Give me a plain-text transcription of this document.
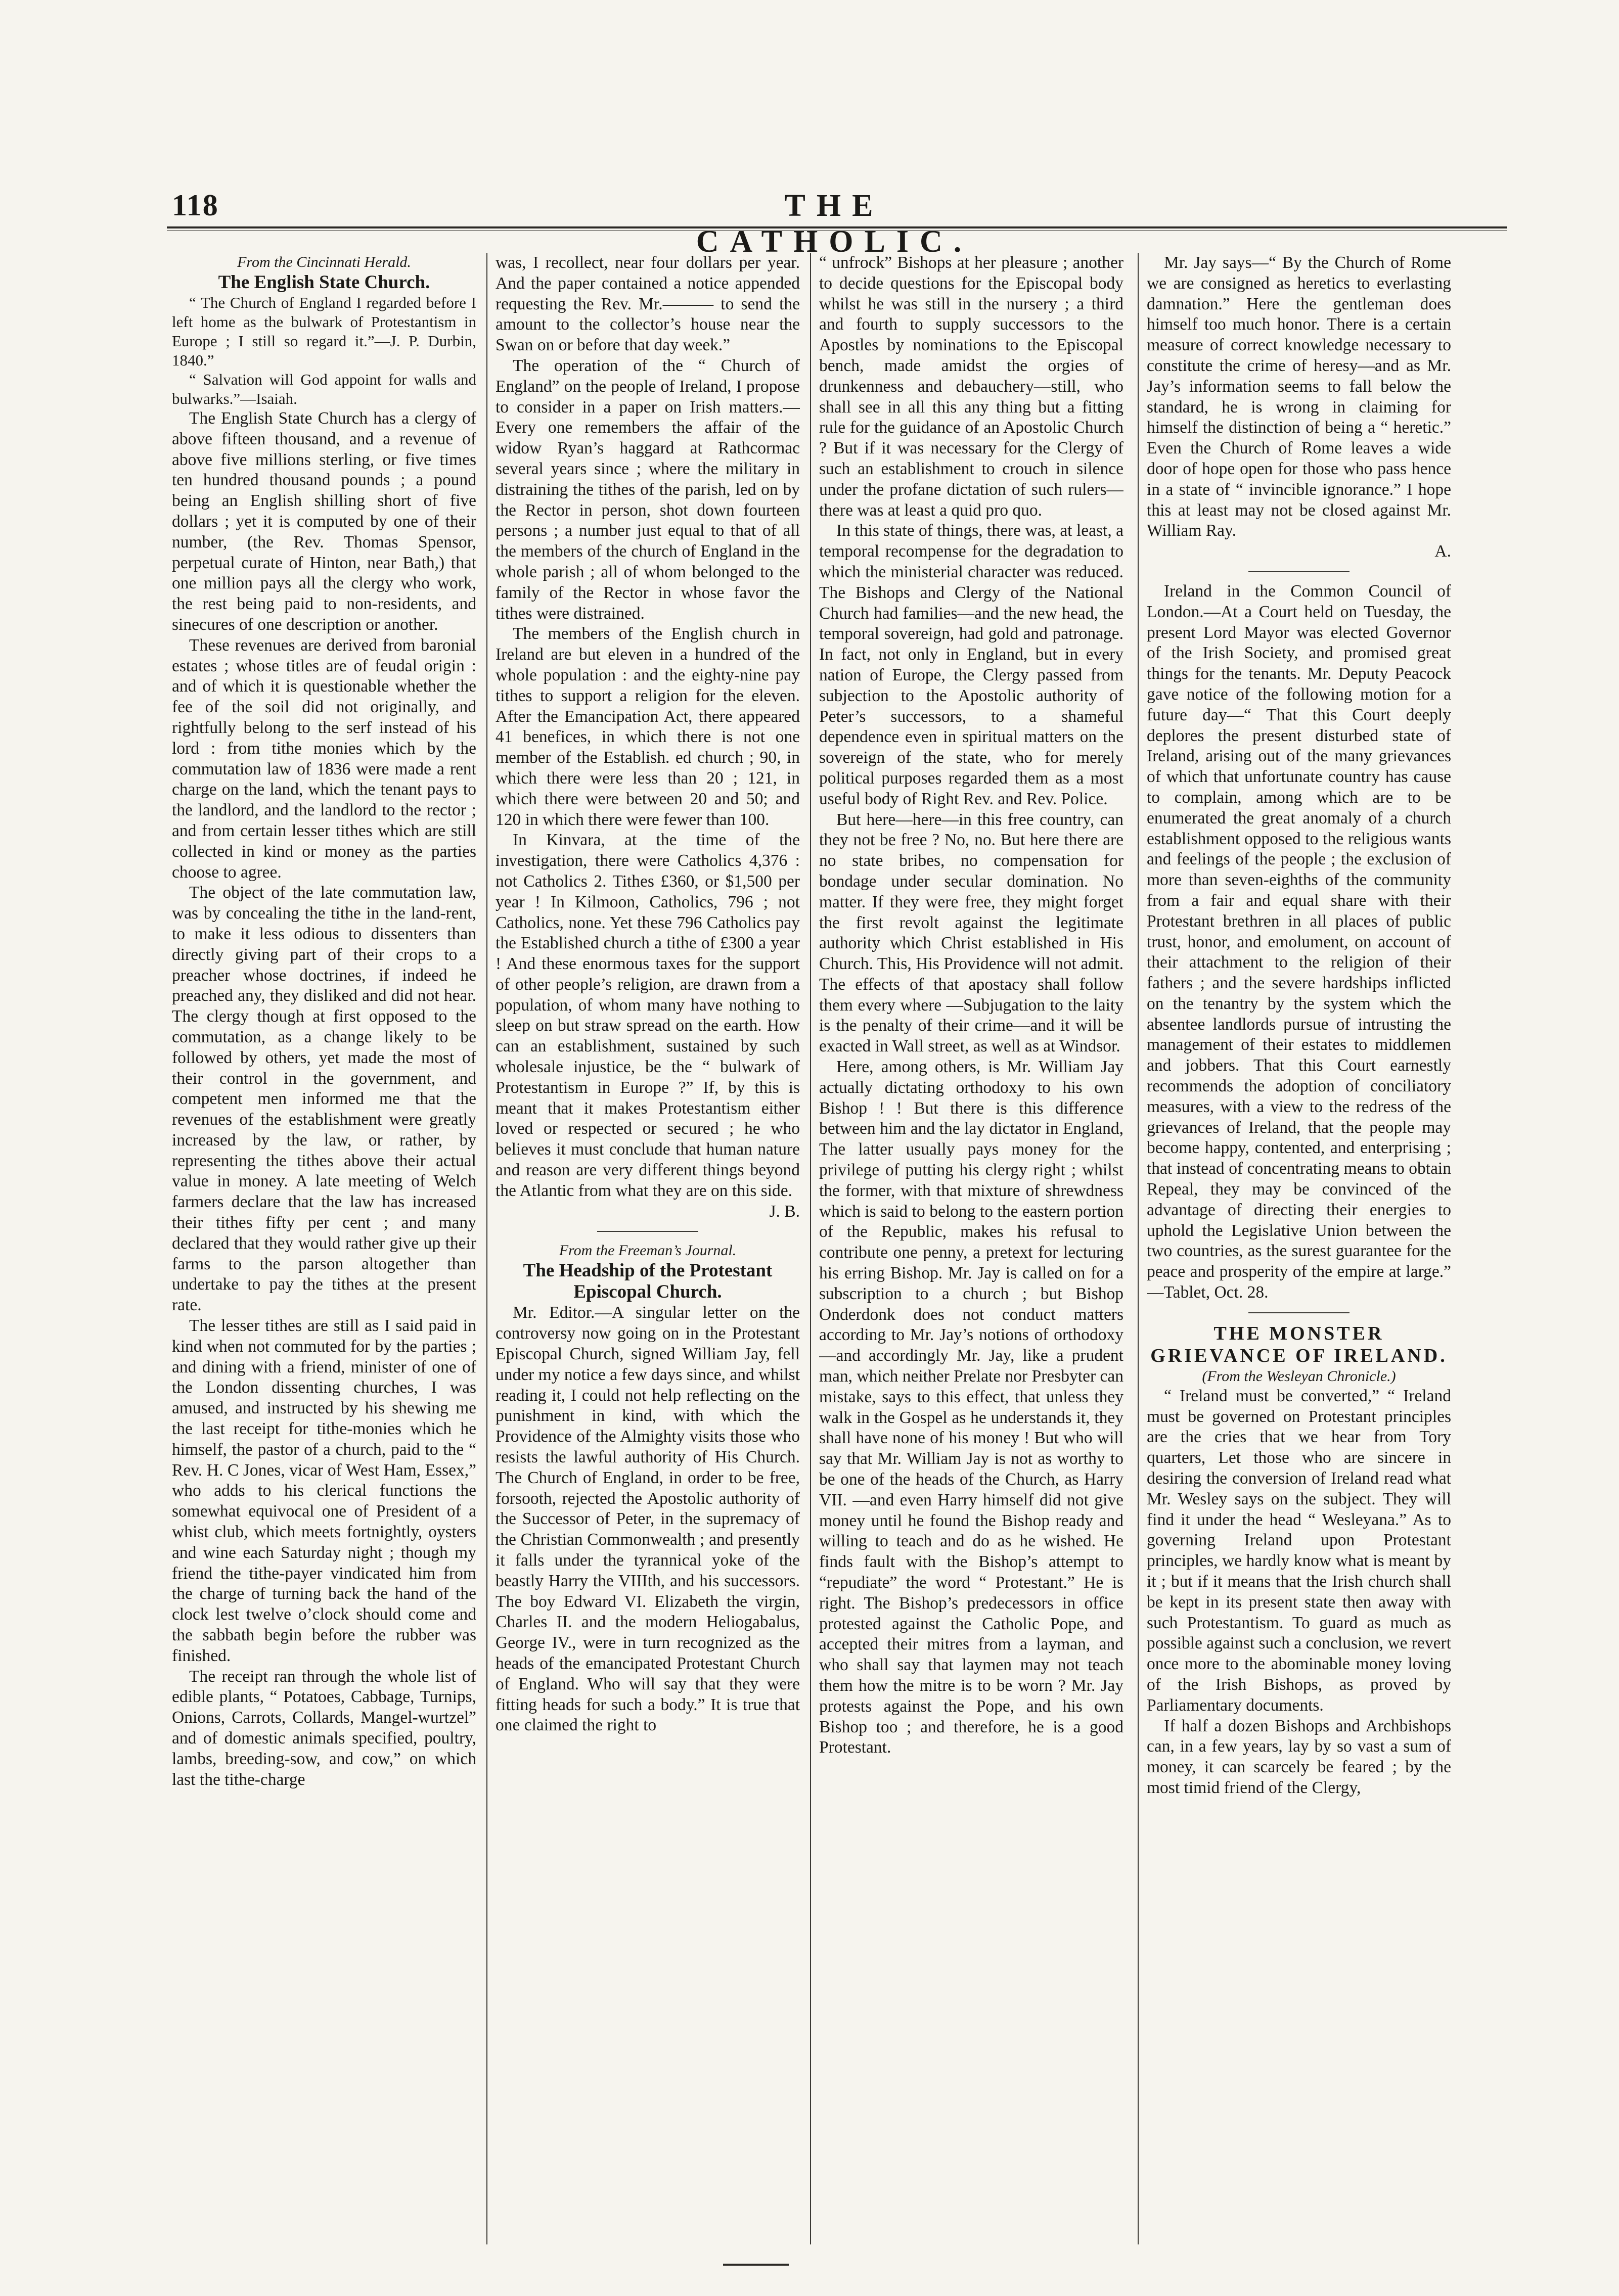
118	THE CATHOLIC.

From the Cincinnati Herald.

The English State Church.

“ The Church of England I regarded before I left home as the bulwark of Protestantism in Europe ; I still so regard it.”—J. P. Durbin, 1840.”

“ Salvation will God appoint for walls and bulwarks.”—Isaiah.

The English State Church has a clergy of above fifteen thousand, and a revenue of above five millions sterling, or five times ten hundred thousand pounds ; a pound being an English shilling short of five dollars ; yet it is computed by one of their number, (the Rev. Thomas Spensor, perpetual curate of Hinton, near Bath,) that one million pays all the clergy who work, the rest being paid to non-residents, and sinecures of one description or another.

These revenues are derived from baronial estates ; whose titles are of feudal origin : and of which it is questionable whether the fee of the soil did not originally, and rightfully belong to the serf instead of his lord : from tithe monies which by the commutation law of 1836 were made a rent charge on the land, which the tenant pays to the landlord, and the landlord to the rector ; and from certain lesser tithes which are still collected in kind or money as the parties choose to agree.

The object of the late commutation law, was by concealing the tithe in the land-rent, to make it less odious to dissenters than directly giving part of their crops to a preacher whose doctrines, if indeed he preached any, they disliked and did not hear. The clergy though at first opposed to the commutation, as a change likely to be followed by others, yet made the most of their control in the government, and competent men informed me that the revenues of the establishment were greatly increased by the law, or rather, by representing the tithes above their actual value in money. A late meeting of Welch farmers declare that the law has increased their tithes fifty per cent ; and many declared that they would rather give up their farms to the parson altogether than undertake to pay the tithes at the present rate.

The lesser tithes are still as I said paid in kind when not commuted for by the parties ; and dining with a friend, minister of one of the London dissenting churches, I was amused, and instructed by his shewing me the last receipt for tithe-monies which he himself, the pastor of a church, paid to the “ Rev. H. C Jones, vicar of West Ham, Essex,” who adds to his clerical functions the somewhat equivocal one of President of a whist club, which meets fortnightly, oysters and wine each Saturday night ; though my friend the tithe-payer vindicated him from the charge of turning back the hand of the clock lest twelve o’clock should come and the sabbath begin before the rubber was finished.

The receipt ran through the whole list of edible plants, “ Potatoes, Cabbage, Turnips, Onions, Carrots, Collards, Mangel-wurtzel” and of domestic animals specified, poultry, lambs, breeding-sow, and cow,” on which last the tithe-charge

was, I recollect, near four dollars per year. And the paper contained a notice appended requesting the Rev. Mr.——— to send the amount to the collector’s house near the Swan on or before that day week.”

The operation of the “ Church of England” on the people of Ireland, I propose to consider in a paper on Irish matters.—Every one remembers the affair of the widow Ryan’s haggard at Rathcormac several years since ; where the military in distraining the tithes of the parish, led on by the Rector in person, shot down fourteen persons ; a number just equal to that of all the members of the church of England in the whole parish ; all of whom belonged to the family of the Rector in whose favor the tithes were distrained.

The members of the English church in Ireland are but eleven in a hundred of the whole population : and the eighty-nine pay tithes to support a religion for the eleven. After the Emancipation Act, there appeared 41 benefices, in which there is not one member of the Establish. ed church ; 90, in which there were less than 20 ; 121, in which there were between 20 and 50; and 120 in which there were fewer than 100.

In Kinvara, at the time of the investigation, there were Catholics 4,376 : not Catholics 2. Tithes £360, or $1,500 per year ! In Kilmoon, Catholics, 796 ; not Catholics, none. Yet these 796 Catholics pay the Established church a tithe of £300 a year ! And these enormous taxes for the support of other people’s religion, are drawn from a population, of whom many have nothing to sleep on but straw spread on the earth. How can an establishment, sustained by such wholesale injustice, be the “ bulwark of Protestantism in Europe ?” If, by this is meant that it makes Protestantism either loved or respected or secured ; he who believes it must conclude that human nature and reason are very different things beyond the Atlantic from what they are on this side.

J. B.

From the Freeman’s Journal.

The Headship of the Protestant Episcopal Church.

Mr. Editor.—A singular letter on the controversy now going on in the Protestant Episcopal Church, signed William Jay, fell under my notice a few days since, and whilst reading it, I could not help reflecting on the punishment in kind, with which the Providence of the Almighty visits those who resists the lawful authority of His Church. The Church of England, in order to be free, forsooth, rejected the Apostolic authority of the Successor of Peter, in the supremacy of the Christian Commonwealth ; and presently it falls under the tyrannical yoke of the beastly Harry the VIIIth, and his successors. The boy Edward VI. Elizabeth the virgin, Charles II. and the modern Heliogabalus, George IV., were in turn recognized as the heads of the emancipated Protestant Church of England. Who will say that they were fitting heads for such a body.” It is true that one claimed the right to

“ unfrock” Bishops at her pleasure ; another to decide questions for the Episcopal body whilst he was still in the nursery ; a third and fourth to supply successors to the Apostles by nominations to the Episcopal bench, made amidst the orgies of drunkenness and debauchery—still, who shall see in all this any thing but a fitting rule for the guidance of an Apostolic Church ? But if it was necessary for the Clergy of such an establishment to crouch in silence under the profane dictation of such rulers—there was at least a quid pro quo.

In this state of things, there was, at least, a temporal recompense for the degradation to which the ministerial character was reduced. The Bishops and Clergy of the National Church had families—and the new head, the temporal sovereign, had gold and patronage. In fact, not only in England, but in every nation of Europe, the Clergy passed from subjection to the Apostolic authority of Peter’s successors, to a shameful dependence even in spiritual matters on the sovereign of the state, who for merely political purposes regarded them as a most useful body of Right Rev. and Rev. Police.

But here—here—in this free country, can they not be free ? No, no. But here there are no state bribes, no compensation for bondage under secular domination. No matter. If they were free, they might forget the first revolt against the legitimate authority which Christ established in His Church. This, His Providence will not admit. The effects of that apostacy shall follow them every where —Subjugation to the laity is the penalty of their crime—and it will be exacted in Wall street, as well as at Windsor.

Here, among others, is Mr. William Jay actually dictating orthodoxy to his own Bishop ! ! But there is this difference between him and the lay dictator in England, The latter usually pays money for the privilege of putting his clergy right ; whilst the former, with that mixture of shrewdness which is said to belong to the eastern portion of the Republic, makes his refusal to contribute one penny, a pretext for lecturing his erring Bishop. Mr. Jay is called on for a subscription to a church ; but Bishop Onderdonk does not conduct matters according to Mr. Jay’s notions of orthodoxy—and accordingly Mr. Jay, like a prudent man, which neither Prelate nor Presbyter can mistake, says to this effect, that unless they walk in the Gospel as he understands it, they shall have none of his money ! But who will say that Mr. William Jay is not as worthy to be one of the heads of the Church, as Harry VII. —and even Harry himself did not give money until he found the Bishop ready and willing to teach and do as he wished. He finds fault with the Bishop’s attempt to “repudiate” the word “ Protestant.” He is right. The Bishop’s predecessors in office protested against the Catholic Pope, and accepted their mitres from a layman, and who shall say that laymen may not teach them how the mitre is to be worn ? Mr. Jay protests against the Pope, and his own Bishop too ; and therefore, he is a good Protestant.

Mr. Jay says—“ By the Church of Rome we are consigned as heretics to everlasting damnation.” Here the gentleman does himself too much honor. There is a certain measure of correct knowledge necessary to constitute the crime of heresy—and as Mr. Jay’s information seems to fall below the standard, he is wrong in claiming for himself the distinction of being a “ heretic.” Even the Church of Rome leaves a wide door of hope open for those who pass hence in a state of “ invincible ignorance.” I hope this at least may not be closed against Mr. William Ray.

A.

Ireland in the Common Council of London.—At a Court held on Tuesday, the present Lord Mayor was elected Governor of the Irish Society, and promised great things for the tenants. Mr. Deputy Peacock gave notice of the following motion for a future day—“ That this Court deeply deplores the present disturbed state of Ireland, arising out of the many grievances of which that unfortunate country has cause to complain, among which are to be enumerated the great anomaly of a church establishment opposed to the religious wants and feelings of the people ; the exclusion of more than seven-eighths of the community from a fair and equal share with their Protestant brethren in all places of public trust, honor, and emolument, on account of their attachment to the religion of their fathers ; and the severe hardships inflicted on the tenantry by the system which the absentee landlords pursue of intrusting the management of their estates to middlemen and jobbers. That this Court earnestly recommends the adoption of conciliatory measures, with a view to the redress of the grievances of Ireland, that the people may become happy, contented, and enterprising ; that instead of concentrating means to obtain Repeal, they may be convinced of the advantage of directing their energies to uphold the Legislative Union between the two countries, as the surest guarantee for the peace and prosperity of the empire at large.” —Tablet, Oct. 28.

THE MONSTER GRIEVANCE OF IRELAND.

(From the Wesleyan Chronicle.)

“ Ireland must be converted,” “ Ireland must be governed on Protestant principles are the cries that we hear from Tory quarters, Let those who are sincere in desiring the conversion of Ireland read what Mr. Wesley says on the subject. They will find it under the head “ Wesleyana.” As to governing Ireland upon Protestant principles, we hardly know what is meant by it ; but if it means that the Irish church shall be kept in its present state then away with such Protestantism. To guard as much as possible against such a conclusion, we revert once more to the abominable money loving of the Irish Bishops, as proved by Parliamentary documents.

If half a dozen Bishops and Archbishops can, in a few years, lay by so vast a sum of money, it can scarcely be feared ; by the most timid friend of the Clergy,
